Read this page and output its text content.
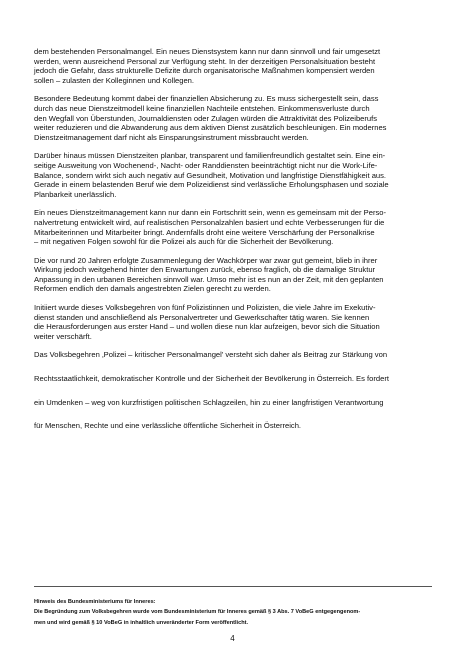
dem bestehenden Personalmangel. Ein neues Dienstsystem kann nur dann sinnvoll und fair umgesetzt
werden, wenn ausreichend Personal zur Verfügung steht. In der derzeitigen Personalsituation besteht
jedoch die Gefahr, dass strukturelle Defizite durch organisatorische Maßnahmen kompensiert werden
sollen – zulasten der Kolleginnen und Kollegen.

Besondere Bedeutung kommt dabei der finanziellen Absicherung zu. Es muss sichergestellt sein, dass
durch das neue Dienstzeitmodell keine finanziellen Nachteile entstehen. Einkommensverluste durch
den Wegfall von Überstunden, Journaldiensten oder Zulagen würden die Attraktivität des Polizeiberufs
weiter reduzieren und die Abwanderung aus dem aktiven Dienst zusätzlich beschleunigen. Ein modernes
Dienstzeitmanagement darf nicht als Einsparungsinstrument missbraucht werden.

Darüber hinaus müssen Dienstzeiten planbar, transparent und familienfreundlich gestaltet sein. Eine ein-
seitige Ausweitung von Wochenend-, Nacht- oder Randdiensten beeinträchtigt nicht nur die Work-Life-
Balance, sondern wirkt sich auch negativ auf Gesundheit, Motivation und langfristige Dienstfähigkeit aus.
Gerade in einem belastenden Beruf wie dem Polizeidienst sind verlässliche Erholungsphasen und soziale
Planbarkeit unerlässlich.

Ein neues Dienstzeitmanagement kann nur dann ein Fortschritt sein, wenn es gemeinsam mit der Perso-
nalvertretung entwickelt wird, auf realistischen Personalzahlen basiert und echte Verbesserungen für die
Mitarbeiterinnen und Mitarbeiter bringt. Andernfalls droht eine weitere Verschärfung der Personalkrise
– mit negativen Folgen sowohl für die Polizei als auch für die Sicherheit der Bevölkerung.

Die vor rund 20 Jahren erfolgte Zusammenlegung der Wachkörper war zwar gut gemeint, blieb in ihrer
Wirkung jedoch weitgehend hinter den Erwartungen zurück, ebenso fraglich, ob die damalige Struktur
Anpassung in den urbanen Bereichen sinnvoll war. Umso mehr ist es nun an der Zeit, mit den geplanten
Reformen endlich den damals angestrebten Zielen gerecht zu werden.

Initiiert wurde dieses Volksbegehren von fünf Polizistinnen und Polizisten, die viele Jahre im Exekutiv-
dienst standen und anschließend als Personalvertreter und Gewerkschafter tätig waren. Sie kennen
die Herausforderungen aus erster Hand – und wollen diese nun klar aufzeigen, bevor sich die Situation
weiter verschärft.

Das Volksbegehren ‚Polizei – kritischer Personalmangel' versteht sich daher als Beitrag zur Stärkung von

Rechtsstaatlichkeit, demokratischer Kontrolle und der Sicherheit der Bevölkerung in Österreich. Es fordert

ein Umdenken – weg von kurzfristigen politischen Schlagzeilen, hin zu einer langfristigen Verantwortung

für Menschen, Rechte und eine verlässliche öffentliche Sicherheit in Österreich.

Hinweis des Bundesministeriums für Inneres:
Die Begründung zum Volksbegehren wurde vom Bundesministerium für Inneres gemäß § 3 Abs. 7 VoBeG entgegengenom-
men und wird gemäß § 10 VoBeG in inhaltlich unveränderter Form veröffentlicht.
4
